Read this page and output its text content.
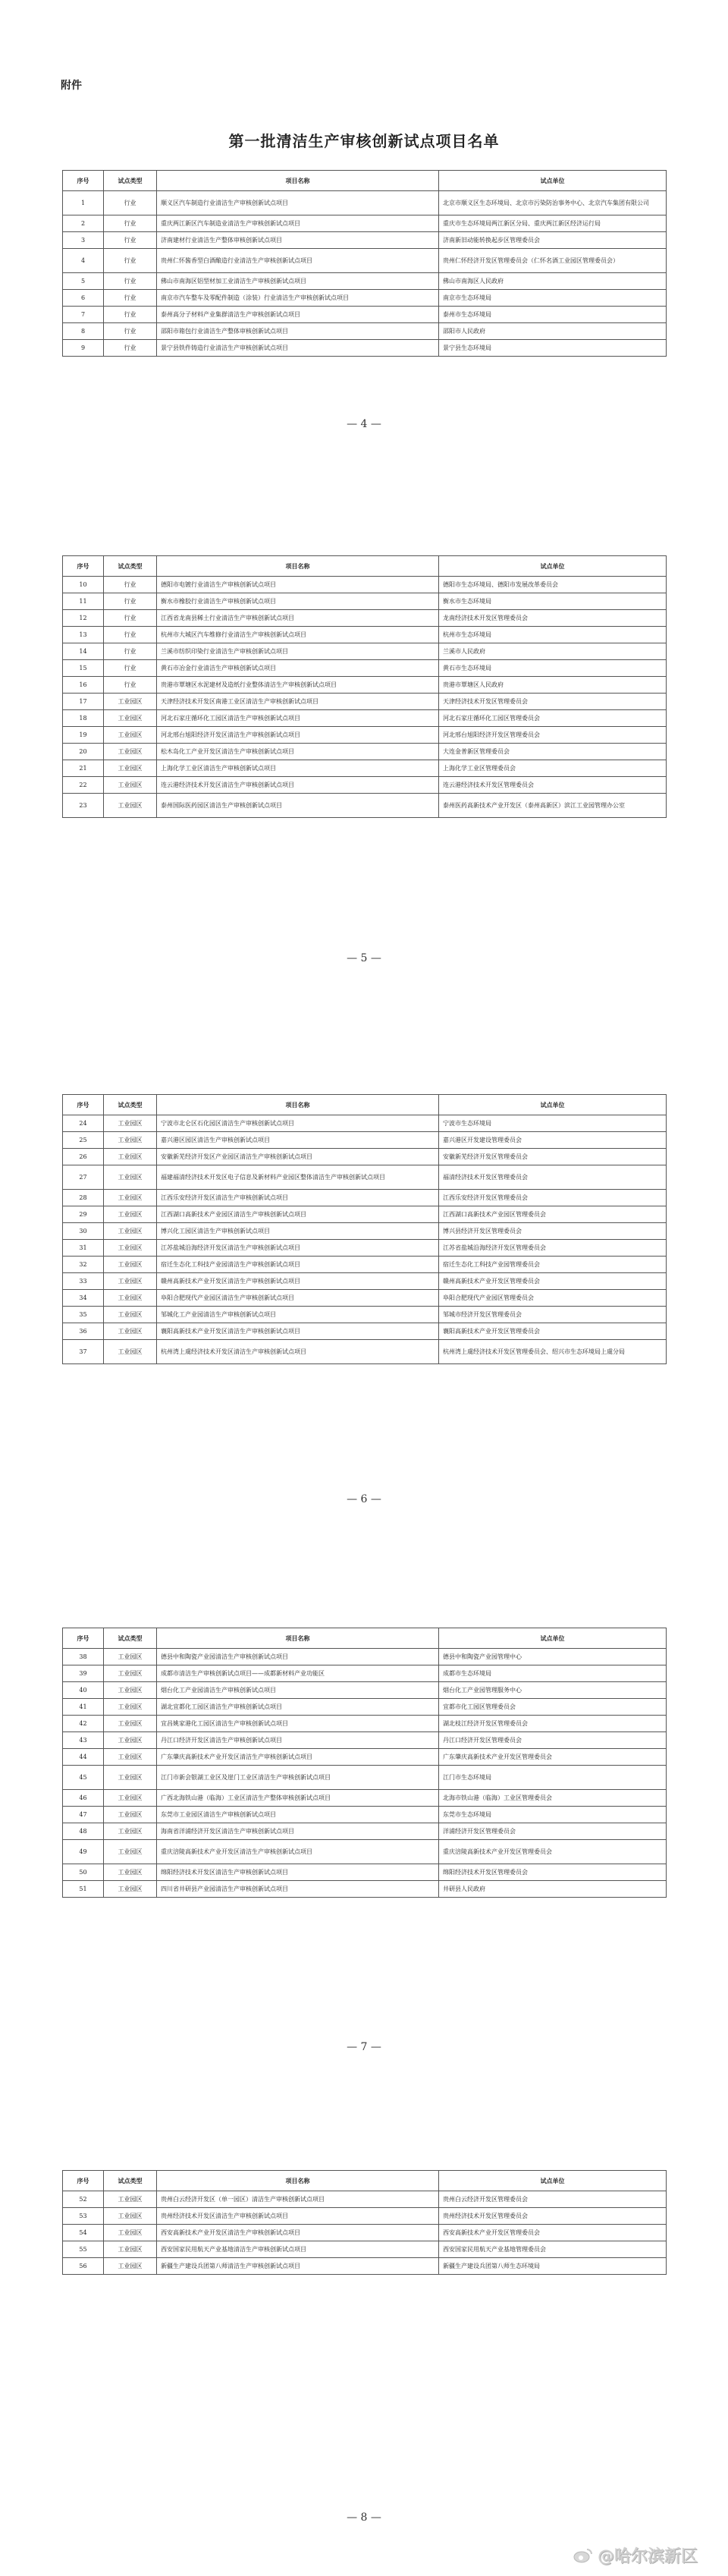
附件
第一批清洁生产审核创新试点项目名单
序号	试点类型	项目名称	试点单位
1	行业	顺义区汽车制造行业清洁生产审核创新试点项目	北京市顺义区生态环境局、北京市污染防治事务中心、北京汽车集团有限公司
2	行业	重庆两江新区汽车制造业清洁生产审核创新试点项目	重庆市生态环境局两江新区分局、重庆两江新区经济运行局
3	行业	济南建材行业清洁生产整体审核创新试点项目	济南新旧动能转换起步区管理委员会
4	行业	贵州仁怀酱香型白酒酿造行业清洁生产审核创新试点项目	贵州仁怀经济开发区管理委员会（仁怀名酒工业园区管理委员会）
5	行业	佛山市南海区铝型材加工业清洁生产审核创新试点项目	佛山市南海区人民政府
6	行业	南京市汽车整车及零配件制造（涂装）行业清洁生产审核创新试点项目	南京市生态环境局
7	行业	泰州高分子材料产业集群清洁生产审核创新试点项目	泰州市生态环境局
8	行业	邵阳市箱包行业清洁生产整体审核创新试点项目	邵阳市人民政府
9	行业	景宁县铁件铸造行业清洁生产审核创新试点项目	景宁县生态环境局
— 4 —
序号	试点类型	项目名称	试点单位
10	行业	德阳市电镀行业清洁生产审核创新试点项目	德阳市生态环境局、德阳市发展改革委员会
11	行业	衡水市橡胶行业清洁生产审核创新试点项目	衡水市生态环境局
12	行业	江西省龙南县稀土行业清洁生产审核创新试点项目	龙南经济技术开发区管理委员会
13	行业	杭州市大城区汽车维修行业清洁生产审核创新试点项目	杭州市生态环境局
14	行业	兰溪市纺织印染行业清洁生产审核创新试点项目	兰溪市人民政府
15	行业	黄石市冶金行业清洁生产审核创新试点项目	黄石市生态环境局
16	行业	贵港市覃塘区水泥建材及造纸行业整体清洁生产审核创新试点项目	贵港市覃塘区人民政府
17	工业园区	天津经济技术开发区南港工业区清洁生产审核创新试点项目	天津经济技术开发区管理委员会
18	工业园区	河北石家庄循环化工园区清洁生产审核创新试点项目	河北石家庄循环化工园区管理委员会
19	工业园区	河北邢台旭阳经济开发区清洁生产审核创新试点项目	河北邢台旭阳经济开发区管理委员会
20	工业园区	松木岛化工产业开发区清洁生产审核创新试点项目	大连金普新区管理委员会
21	工业园区	上海化学工业区清洁生产审核创新试点项目	上海化学工业区管理委员会
22	工业园区	连云港经济技术开发区清洁生产审核创新试点项目	连云港经济技术开发区管理委员会
23	工业园区	泰州国际医药园区清洁生产审核创新试点项目	泰州医药高新技术产业开发区（泰州高新区）滨江工业园管理办公室
— 5 —
序号	试点类型	项目名称	试点单位
24	工业园区	宁波市北仑区石化园区清洁生产审核创新试点项目	宁波市生态环境局
25	工业园区	嘉兴港区园区清洁生产审核创新试点项目	嘉兴港区开发建设管理委员会
26	工业园区	安徽新芜经济开发区产业园区清洁生产审核创新试点项目	安徽新芜经济开发区管理委员会
27	工业园区	福建福清经济技术开发区电子信息及新材料产业园区整体清洁生产审核创新试点项目	福清经济技术开发区管理委员会
28	工业园区	江西乐安经济开发区清洁生产审核创新试点项目	江西乐安经济开发区管理委员会
29	工业园区	江西湖口高新技术产业园区清洁生产审核创新试点项目	江西湖口高新技术产业园区管理委员会
30	工业园区	博兴化工园区清洁生产审核创新试点项目	博兴县经济开发区管理委员会
31	工业园区	江苏盐城沿海经济开发区清洁生产审核创新试点项目	江苏省盐城沿海经济开发区管理委员会
32	工业园区	宿迁生态化工科技产业园清洁生产审核创新试点项目	宿迁生态化工科技产业园管理委员会
33	工业园区	赣州高新技术产业开发区清洁生产审核创新试点项目	赣州高新技术产业开发区管理委员会
34	工业园区	阜阳合肥现代产业园区清洁生产审核创新试点项目	阜阳合肥现代产业园区管理委员会
35	工业园区	邹城化工产业园清洁生产审核创新试点项目	邹城市经济开发区管理委员会
36	工业园区	襄阳高新技术产业开发区清洁生产审核创新试点项目	襄阳高新技术产业开发区管理委员会
37	工业园区	杭州湾上虞经济技术开发区清洁生产审核创新试点项目	杭州湾上虞经济技术开发区管理委员会、绍兴市生态环境局上虞分局
— 6 —
序号	试点类型	项目名称	试点单位
38	工业园区	德县中和陶瓷产业园清洁生产审核创新试点项目	德县中和陶瓷产业园管理中心
39	工业园区	成都市清洁生产审核创新试点项目——成都新材料产业功能区	成都市生态环境局
40	工业园区	烟台化工产业园清洁生产审核创新试点项目	烟台化工产业园管理服务中心
41	工业园区	湖北宜都化工园区清洁生产审核创新试点项目	宜都市化工园区管理委员会
42	工业园区	宜昌姚家港化工园区清洁生产审核创新试点项目	湖北枝江经济开发区管理委员会
43	工业园区	丹江口经济开发区清洁生产审核创新试点项目	丹江口经济开发区管理委员会
44	工业园区	广东肇庆高新技术产业开发区清洁生产审核创新试点项目	广东肇庆高新技术产业开发区管理委员会
45	工业园区	江门市新会银湖工业区及崖门工业区清洁生产审核创新试点项目	江门市生态环境局
46	工业园区	广西北海铁山港（临海）工业区清洁生产整体审核创新试点项目	北海市铁山港（临海）工业区管理委员会
47	工业园区	东莞市工业园区清洁生产审核创新试点项目	东莞市生态环境局
48	工业园区	海南省洋浦经济开发区清洁生产审核创新试点项目	洋浦经济开发区管理委员会
49	工业园区	重庆涪陵高新技术产业开发区清洁生产审核创新试点项目	重庆涪陵高新技术产业开发区管理委员会
50	工业园区	绵阳经济技术开发区清洁生产审核创新试点项目	绵阳经济技术开发区管理委员会
51	工业园区	四川省井研县产业园清洁生产审核创新试点项目	井研县人民政府
— 7 —
序号	试点类型	项目名称	试点单位
52	工业园区	贵州白云经济开发区（单一园区）清洁生产审核创新试点项目	贵州白云经济开发区管理委员会
53	工业园区	贵州经济技术开发区清洁生产审核创新试点项目	贵州经济技术开发区管理委员会
54	工业园区	西安高新技术产业开发区清洁生产审核创新试点项目	西安高新技术产业开发区管理委员会
55	工业园区	西安国家民用航天产业基地清洁生产审核创新试点项目	西安国家民用航天产业基地管理委员会
56	工业园区	新疆生产建设兵团第八师清洁生产审核创新试点项目	新疆生产建设兵团第八师生态环境局
— 8 —
@哈尔滨新区
